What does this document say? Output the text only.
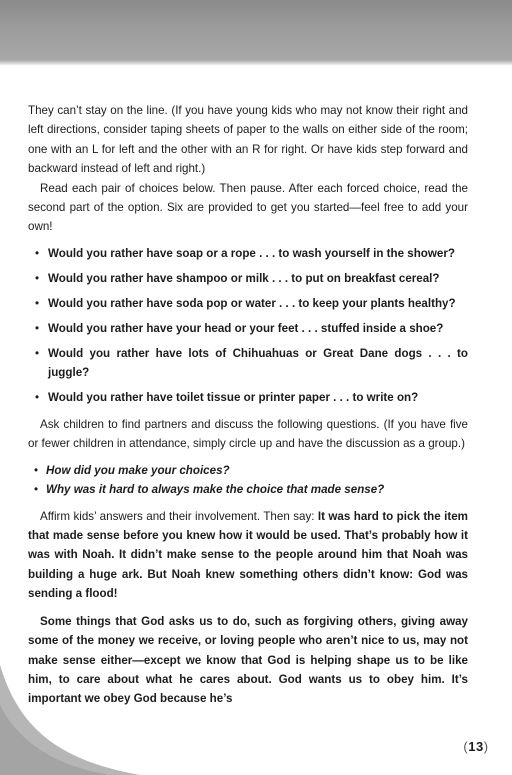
They can’t stay on the line. (If you have young kids who may not know their right and left directions, consider taping sheets of paper to the walls on either side of the room; one with an L for left and the other with an R for right. Or have kids step forward and backward instead of left and right.)

Read each pair of choices below. Then pause. After each forced choice, read the second part of the option. Six are provided to get you started—feel free to add your own!

• Would you rather have soap or a rope . . . to wash yourself in the shower?
• Would you rather have shampoo or milk . . . to put on breakfast cereal?
• Would you rather have soda pop or water . . . to keep your plants healthy?
• Would you rather have your head or your feet . . . stuffed inside a shoe?
• Would you rather have lots of Chihuahuas or Great Dane dogs . . . to juggle?
• Would you rather have toilet tissue or printer paper . . . to write on?

Ask children to find partners and discuss the following questions. (If you have five or fewer children in attendance, simply circle up and have the discussion as a group.)

• How did you make your choices?
• Why was it hard to always make the choice that made sense?

Affirm kids’ answers and their involvement. Then say: It was hard to pick the item that made sense before you knew how it would be used. That’s probably how it was with Noah. It didn’t make sense to the people around him that Noah was building a huge ark. But Noah knew something others didn’t know: God was sending a flood!

Some things that God asks us to do, such as forgiving others, giving away some of the money we receive, or loving people who aren’t nice to us, may not make sense either—except we know that God is helping shape us to be like him, to care about what he cares about. God wants us to obey him. It’s important we obey God because he’s

(13)
